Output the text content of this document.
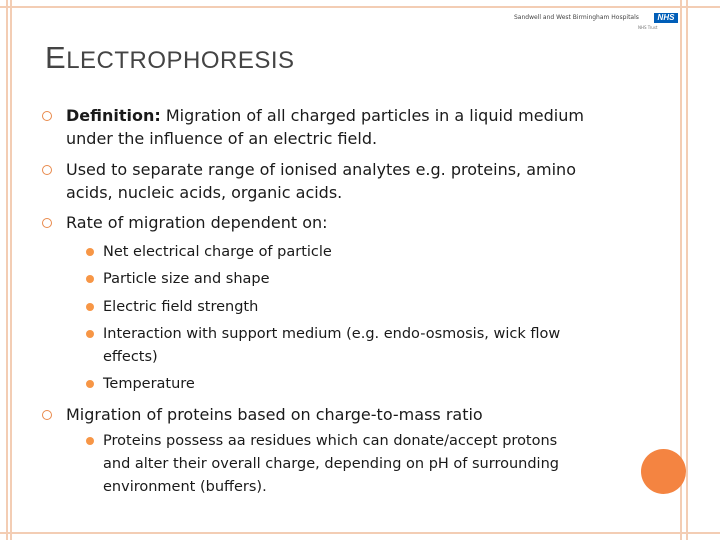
Sandwell and West Birmingham Hospitals	NHS
NHS Trust
ELECTROPHORESIS
Definition: Migration of all charged particles in a liquid medium
under the influence of an electric field.
Used to separate range of ionised analytes e.g. proteins, amino
acids, nucleic acids, organic acids.
Rate of migration dependent on:
Net electrical charge of particle
Particle size and shape
Electric field strength
Interaction with support medium (e.g. endo-osmosis, wick flow
effects)
Temperature
Migration of proteins based on charge-to-mass ratio
Proteins possess aa residues which can donate/accept protons
and alter their overall charge, depending on pH of surrounding
environment (buffers).
